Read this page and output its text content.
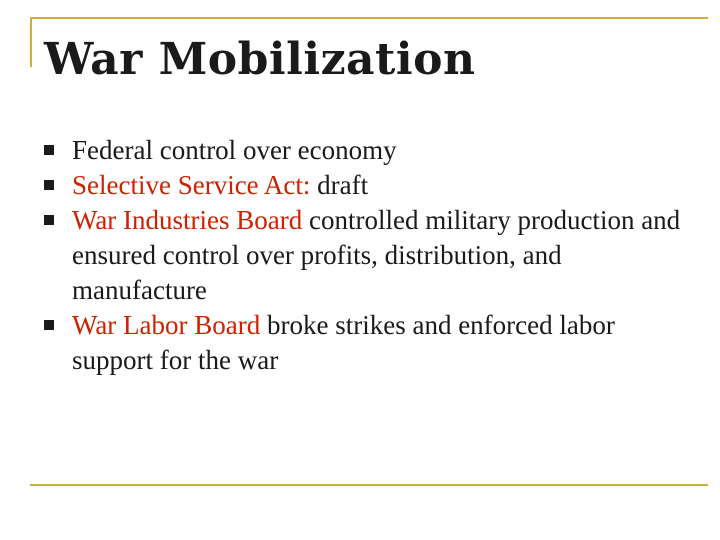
War Mobilization
Federal control over economy
Selective Service Act: draft
War Industries Board controlled military production and ensured control over profits, distribution, and manufacture
War Labor Board broke strikes and enforced labor support for the war
